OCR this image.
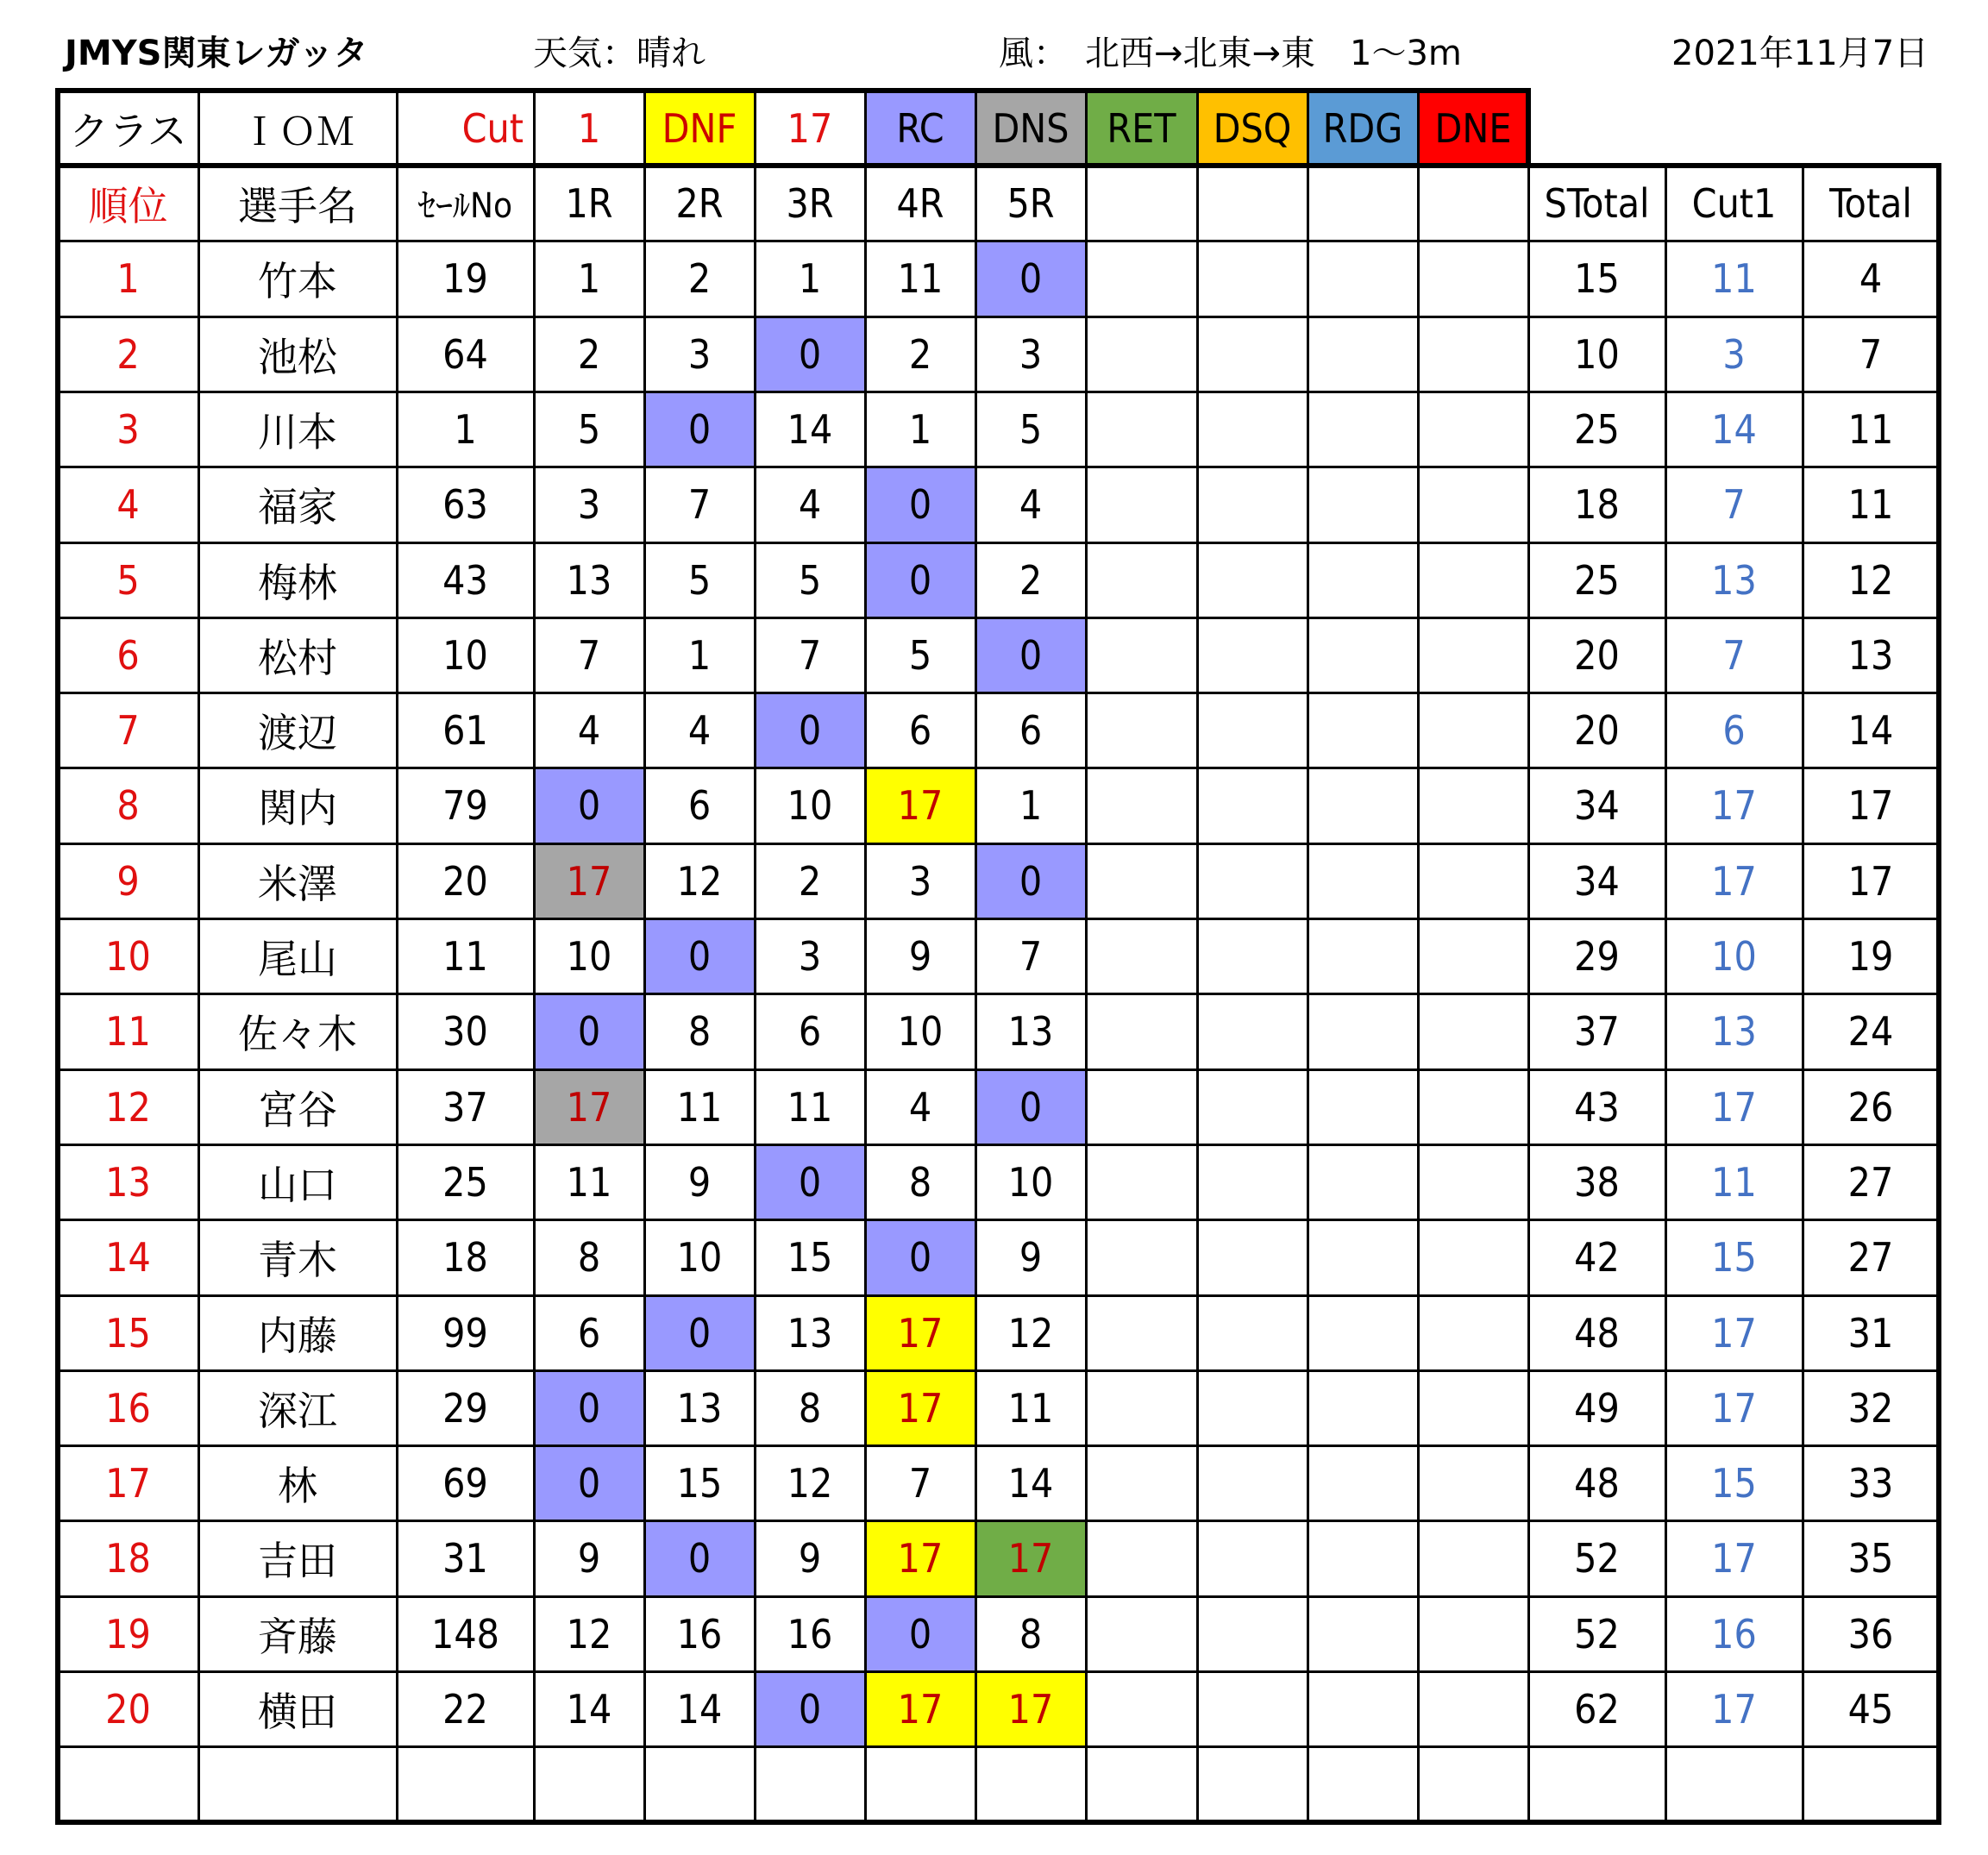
JMYS関東レガッタ	天気：晴れ	風：　北西→北東→東　1～3m	2021年11月7日
クラス	ＩＯＭ	Cut	1	DNF	17	RC	DNS RET DSQ RDG DNE
順位	選手名	ｾｰﾙNo	1R	2R	3R	4R	5R	STotal	Cut1	Total
1	竹本	19	1	2	1	11	0	15	11	4
2	池松	64	2	3	0	2	3	10	3	7
3	川本	1	5	0	14	1	5	25	14	11
4	福家	63	3	7	4	0	4	18	7	11
5	梅林	43	13	5	5	0	2	25	13	12
6	松村	10	7	1	7	5	0	20	7	13
7	渡辺	61	4	4	0	6	6	20	6	14
8	関内	79	0	6	10	17	1	34	17	17
9	米澤	20	17	12	2	3	0	34	17	17
10	尾山	11	10	0	3	9	7	29	10	19
11	佐々木	30	0	8	6	10	13	37	13	24
12	宮谷	37	17	11	11	4	0	43	17	26
13	山口	25	11	9	0	8	10	38	11	27
14	青木	18	8	10	15	0	9	42	15	27
15	内藤	99	6	0	13	17	12	48	17	31
16	深江	29	0	13	8	17	11	49	17	32
17	林	69	0	15	12	7	14	48	15	33
18	吉田	31	9	0	9	17	17	52	17	35
19	斉藤	148	12	16	16	0	8	52	16	36
20	横田	22	14	14	0	17	17	62	17	45
